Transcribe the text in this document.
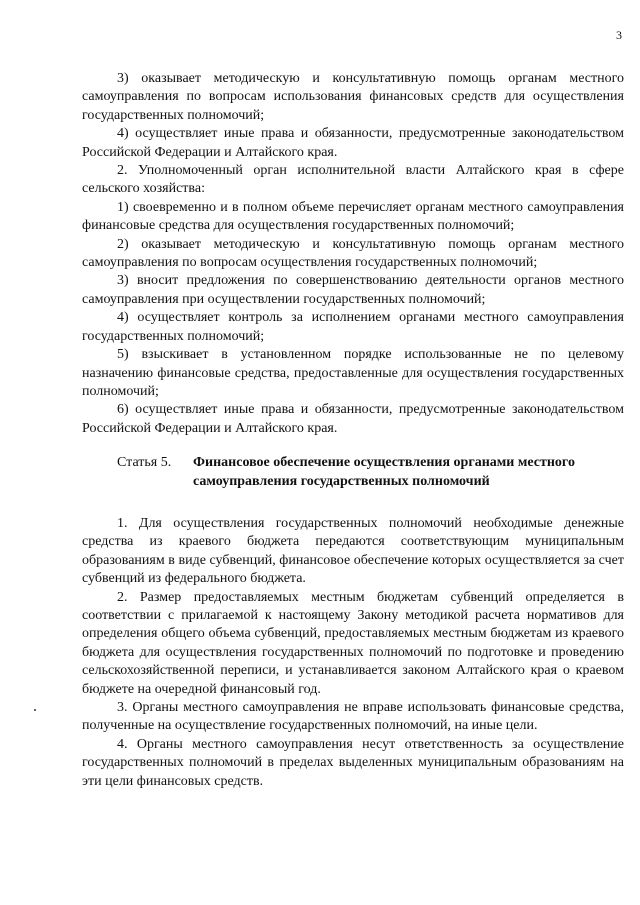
3

3) оказывает методическую и консультативную помощь органам местного самоуправления по вопросам использования финансовых средств для осуществления государственных полномочий;

4) осуществляет иные права и обязанности, предусмотренные законодательством Российской Федерации и Алтайского края.

2. Уполномоченный орган исполнительной власти Алтайского края в сфере сельского хозяйства:

1) своевременно и в полном объеме перечисляет органам местного самоуправления финансовые средства для осуществления государственных полномочий;

2) оказывает методическую и консультативную помощь органам местного самоуправления по вопросам осуществления государственных полномочий;

3) вносит предложения по совершенствованию деятельности органов местного самоуправления при осуществлении государственных полномочий;

4) осуществляет контроль за исполнением органами местного самоуправления государственных полномочий;

5) взыскивает в установленном порядке использованные не по целевому назначению финансовые средства, предоставленные для осуществления государственных полномочий;

6) осуществляет иные права и обязанности, предусмотренные законодательством Российской Федерации и Алтайского края.

Статья 5.	Финансовое обеспечение осуществления органами местного самоуправления государственных полномочий

1. Для осуществления государственных полномочий необходимые денежные средства из краевого бюджета передаются соответствующим муниципальным образованиям в виде субвенций, финансовое обеспечение которых осуществляется за счет субвенций из федерального бюджета.

2. Размер предоставляемых местным бюджетам субвенций определяется в соответствии с прилагаемой к настоящему Закону методикой расчета нормативов для определения общего объема субвенций, предоставляемых местным бюджетам из краевого бюджета для осуществления государственных полномочий по подготовке и проведению сельскохозяйственной переписи, и устанавливается законом Алтайского края о краевом бюджете на очередной финансовый год.

3. Органы местного самоуправления не вправе использовать финансовые средства, полученные на осуществление государственных полномочий, на иные цели.

4. Органы местного самоуправления несут ответственность за осуществление государственных полномочий в пределах выделенных муниципальным образованиям на эти цели финансовых средств.
